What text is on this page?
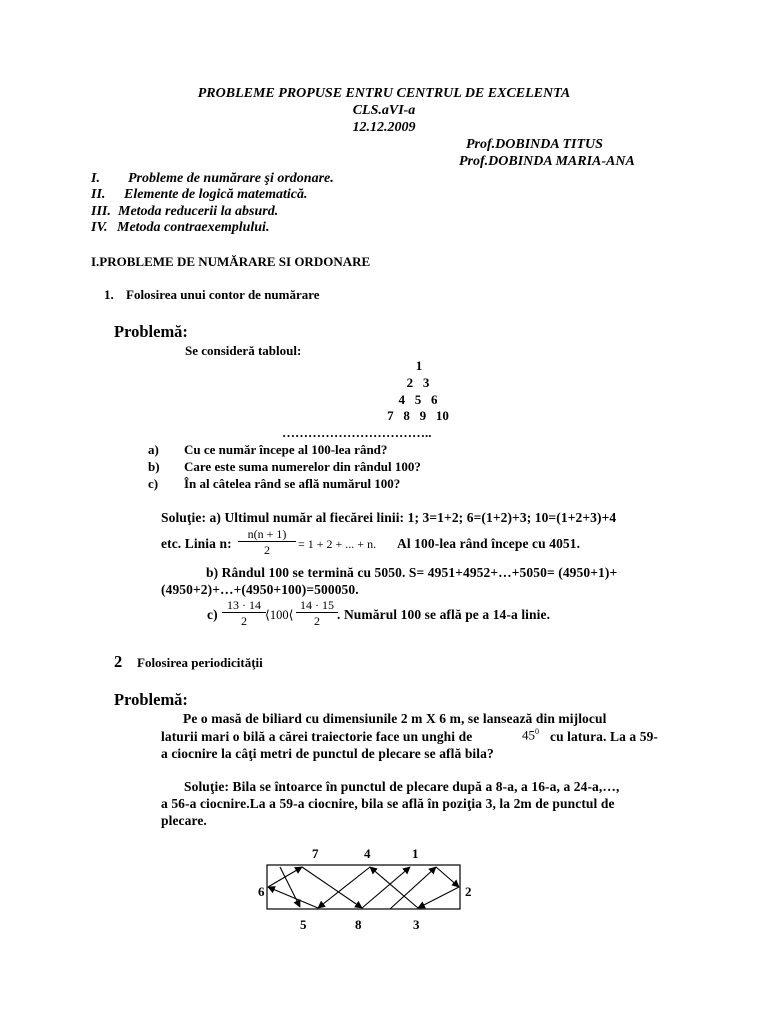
PROBLEME PROPUSE ENTRU CENTRUL DE EXCELENTA
CLS.aVI-a
12.12.2009
Prof.DOBINDA TITUS
Prof.DOBINDA MARIA-ANA
I. Probleme de numărare şi ordonare.
II. Elemente de logică matematică.
III. Metoda reducerii la absurd.
IV. Metoda contraexemplului.
I.PROBLEME DE NUMĂRARE SI ORDONARE
1. Folosirea unui contor de numărare
Problemă:
Se consideră tabloul:
1
2   3
4   5   6
7   8   9   10
……………………………..
a) Cu ce număr începe al 100-lea rând?
b) Care este suma numerelor din rândul 100?
c) În al câtelea rând se află numărul 100?
Soluţie: a) Ultimul număr al fiecărei linii: 1; 3=1+2; 6=(1+2)+3; 10=(1+2+3)+4
etc. Linia n: $\frac{n(n + 1)}{2} = 1 + 2$ + ... + n. Al 100-lea rând începe cu 4051.
b) Rândul 100 se termină cu 5050. S= 4951+4952+…+5050= (4950+1)+
(4950+2)+…+(4950+100)=500050.
$c) \frac{13 \cdot 14}{2}$ ⟨100⟨ $\frac{14 \cdot 15}{2}$ . Numărul 100 se află pe a 14-a linie.
2 Folosirea periodicităţii
Problemă:
Pe o masă de biliard cu dimensiunile 2 m X 6 m, se lansează din mijlocul
laturii mari o bilă a cărei traiectorie face un unghi de	$45^0$ cu latura. La a 59-
a ciocnire la câţi metri de punctul de plecare se află bila?
Soluţie: Bila se întoarce în punctul de plecare după a 8-a, a 16-a, a 24-a,…,
a 56-a ciocnire.La a 59-a ciocnire, bila se află în poziţia 3, la 2m de punctul de
plecare.
7	4	1
6	2
5	8	3
